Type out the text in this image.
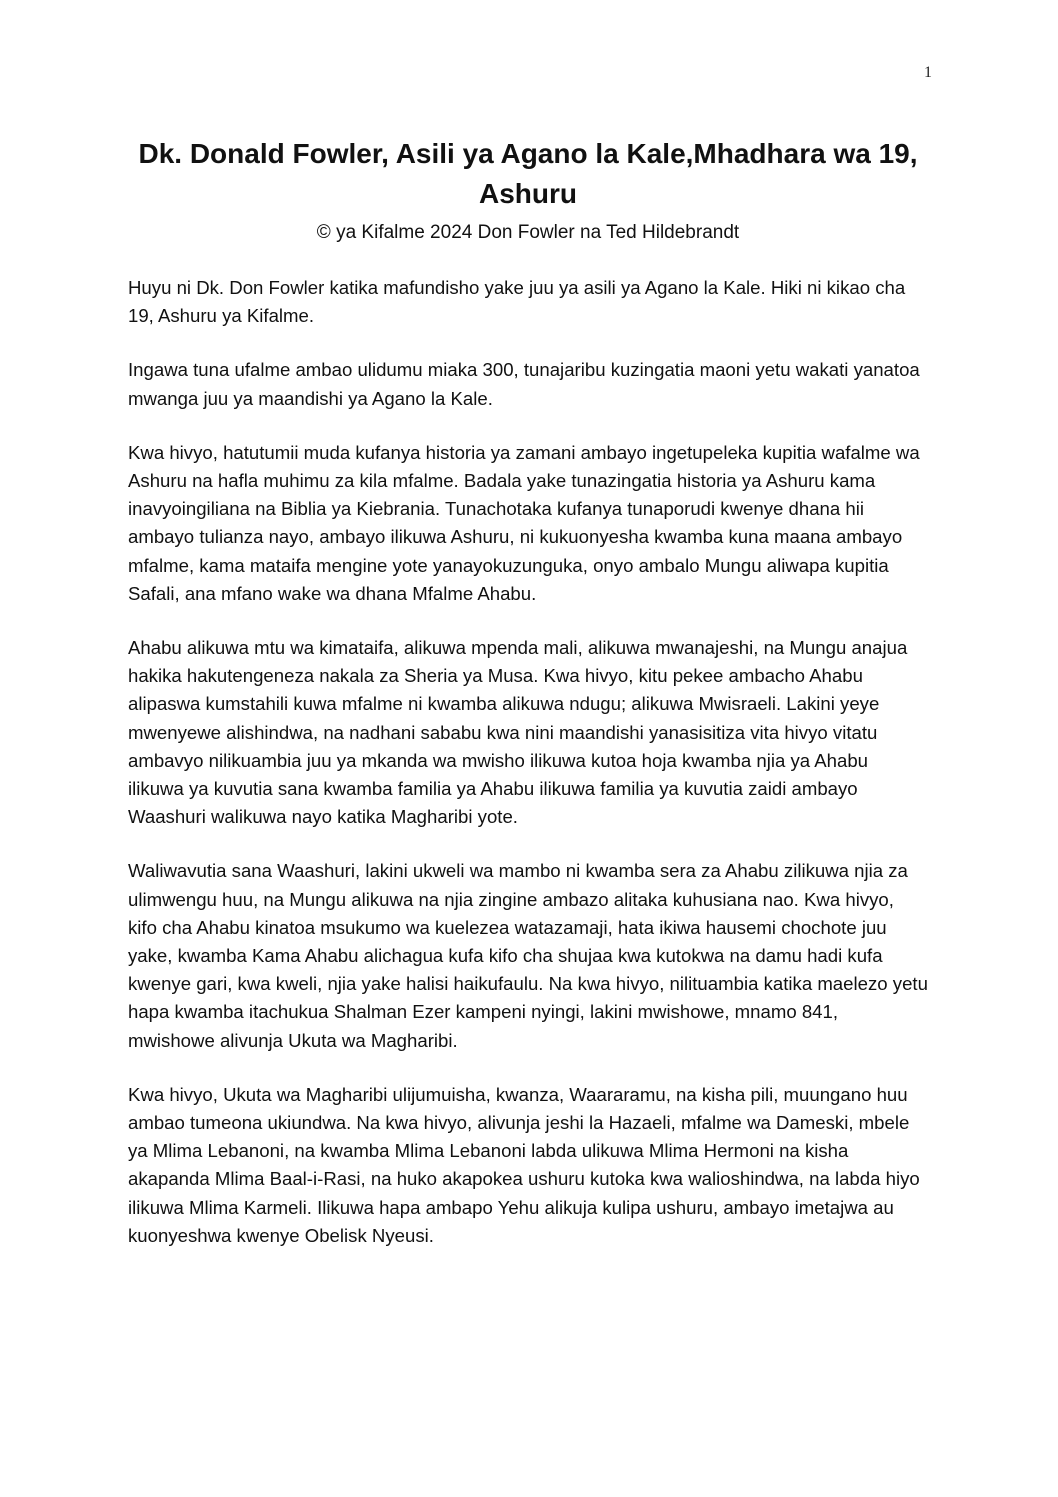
1
Dk. Donald Fowler, Asili ya Agano la Kale,Mhadhara wa 19, Ashuru
© ya Kifalme 2024 Don Fowler na Ted Hildebrandt

Huyu ni Dk. Don Fowler katika mafundisho yake juu ya asili ya Agano la Kale. Hiki ni kikao cha 19, Ashuru ya Kifalme.

Ingawa tuna ufalme ambao ulidumu miaka 300, tunajaribu kuzingatia maoni yetu wakati yanatoa mwanga juu ya maandishi ya Agano la Kale.

Kwa hivyo, hatutumii muda kufanya historia ya zamani ambayo ingetupeleka kupitia wafalme wa Ashuru na hafla muhimu za kila mfalme. Badala yake tunazingatia historia ya Ashuru kama inavyoingiliana na Biblia ya Kiebrania. Tunachotaka kufanya tunaporudi kwenye dhana hii ambayo tulianza nayo, ambayo ilikuwa Ashuru, ni kukuonyesha kwamba kuna maana ambayo mfalme, kama mataifa mengine yote yanayokuzunguka, onyo ambalo Mungu aliwapa kupitia Safali, ana mfano wake wa dhana Mfalme Ahabu.

Ahabu alikuwa mtu wa kimataifa, alikuwa mpenda mali, alikuwa mwanajeshi, na Mungu anajua hakika hakutengeneza nakala za Sheria ya Musa. Kwa hivyo, kitu pekee ambacho Ahabu alipaswa kumstahili kuwa mfalme ni kwamba alikuwa ndugu; alikuwa Mwisraeli. Lakini yeye mwenyewe alishindwa, na nadhani sababu kwa nini maandishi yanasisitiza vita hivyo vitatu ambavyo nilikuambia juu ya mkanda wa mwisho ilikuwa kutoa hoja kwamba njia ya Ahabu ilikuwa ya kuvutia sana kwamba familia ya Ahabu ilikuwa familia ya kuvutia zaidi ambayo Waashuri walikuwa nayo katika Magharibi yote.

Waliwavutia sana Waashuri, lakini ukweli wa mambo ni kwamba sera za Ahabu zilikuwa njia za ulimwengu huu, na Mungu alikuwa na njia zingine ambazo alitaka kuhusiana nao. Kwa hivyo, kifo cha Ahabu kinatoa msukumo wa kuelezea watazamaji, hata ikiwa hausemi chochote juu yake, kwamba Kama Ahabu alichagua kufa kifo cha shujaa kwa kutokwa na damu hadi kufa kwenye gari, kwa kweli, njia yake halisi haikufaulu. Na kwa hivyo, nilituambia katika maelezo yetu hapa kwamba itachukua Shalman Ezer kampeni nyingi, lakini mwishowe, mnamo 841, mwishowe alivunja Ukuta wa Magharibi.

Kwa hivyo, Ukuta wa Magharibi ulijumuisha, kwanza, Waararamu, na kisha pili, muungano huu ambao tumeona ukiundwa. Na kwa hivyo, alivunja jeshi la Hazaeli, mfalme wa Dameski, mbele ya Mlima Lebanoni, na kwamba Mlima Lebanoni labda ulikuwa Mlima Hermoni na kisha akapanda Mlima Baal-i-Rasi, na huko akapokea ushuru kutoka kwa walioshindwa, na labda hiyo ilikuwa Mlima Karmeli. Ilikuwa hapa ambapo Yehu alikuja kulipa ushuru, ambayo imetajwa au kuonyeshwa kwenye Obelisk Nyeusi.
